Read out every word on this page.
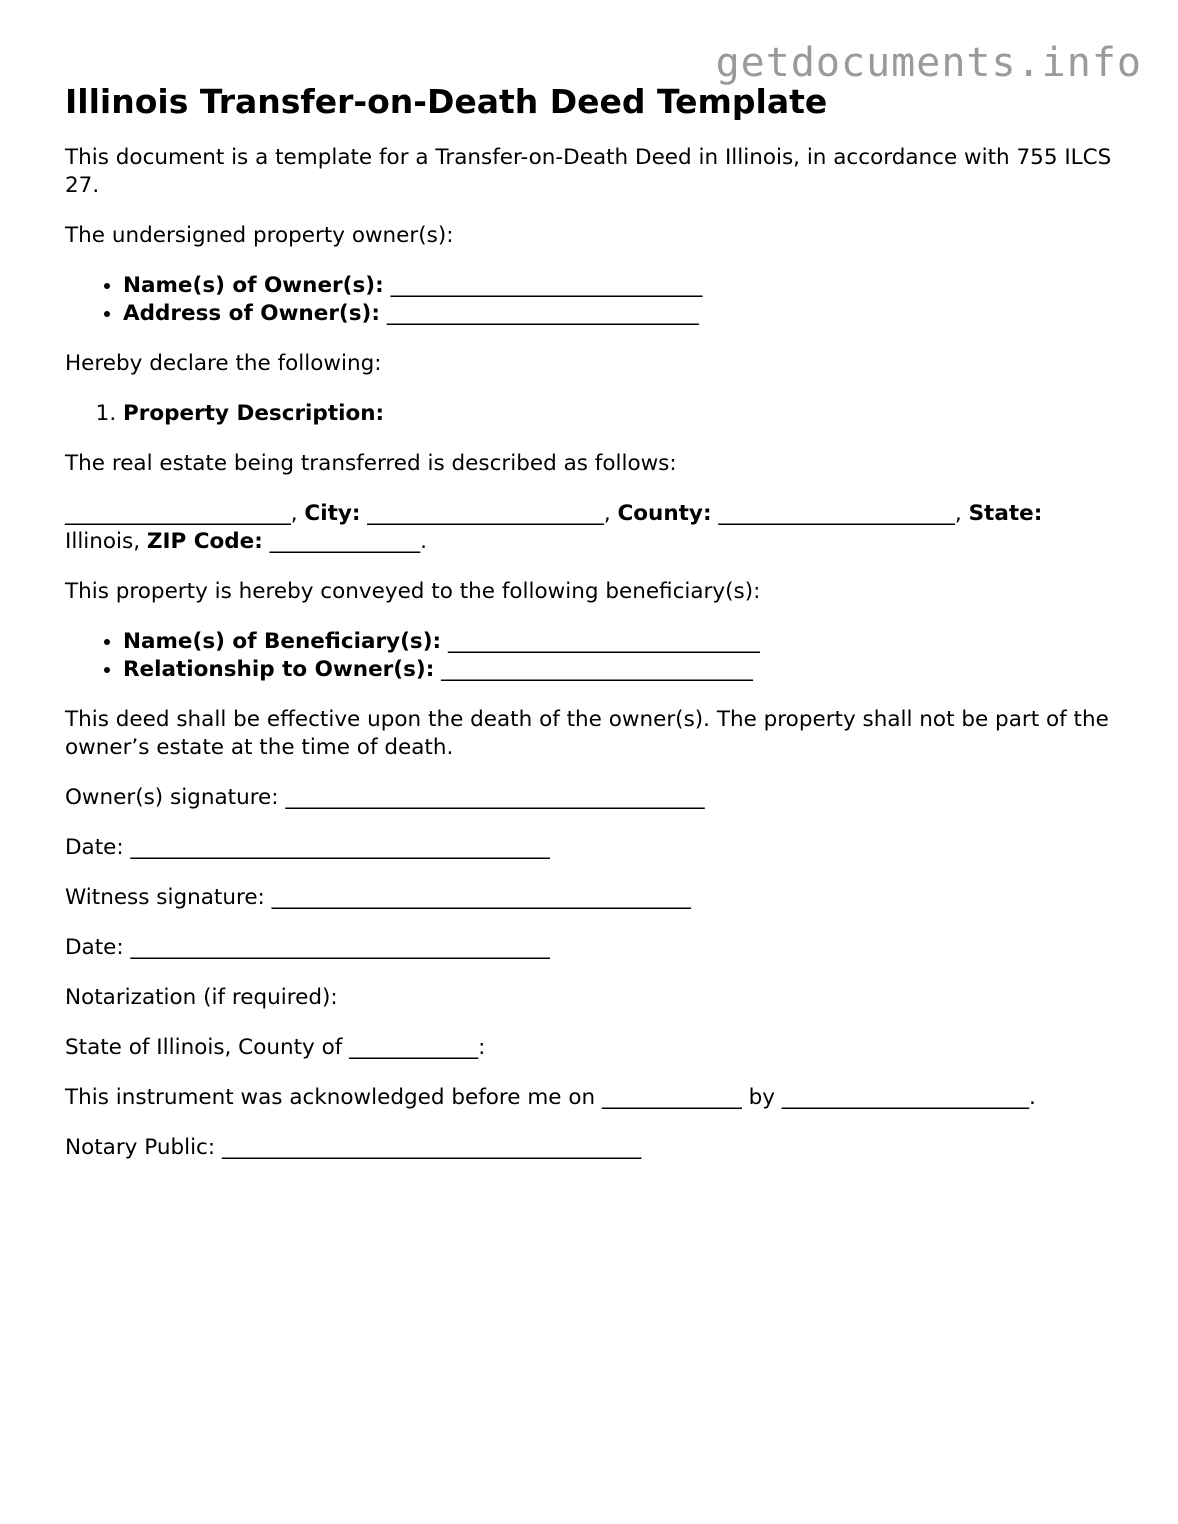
getdocuments.info
Illinois Transfer-on-Death Deed Template

This document is a template for a Transfer-on-Death Deed in Illinois, in accordance with 755 ILCS 27.

The undersigned property owner(s):

• Name(s) of Owner(s): _____________________________
• Address of Owner(s): _____________________________

Hereby declare the following:

1. Property Description:

The real estate being transferred is described as follows:

_____________________, City: ______________________, County: ______________________, State: Illinois, ZIP Code: ______________.

This property is hereby conveyed to the following beneficiary(s):

• Name(s) of Beneficiary(s): _____________________________
• Relationship to Owner(s): _____________________________

This deed shall be effective upon the death of the owner(s). The property shall not be part of the owner’s estate at the time of death.

Owner(s) signature: _______________________________________

Date: _______________________________________

Witness signature: _______________________________________

Date: _______________________________________

Notarization (if required):

State of Illinois, County of ____________:

This instrument was acknowledged before me on _____________ by _______________________.

Notary Public: _______________________________________
